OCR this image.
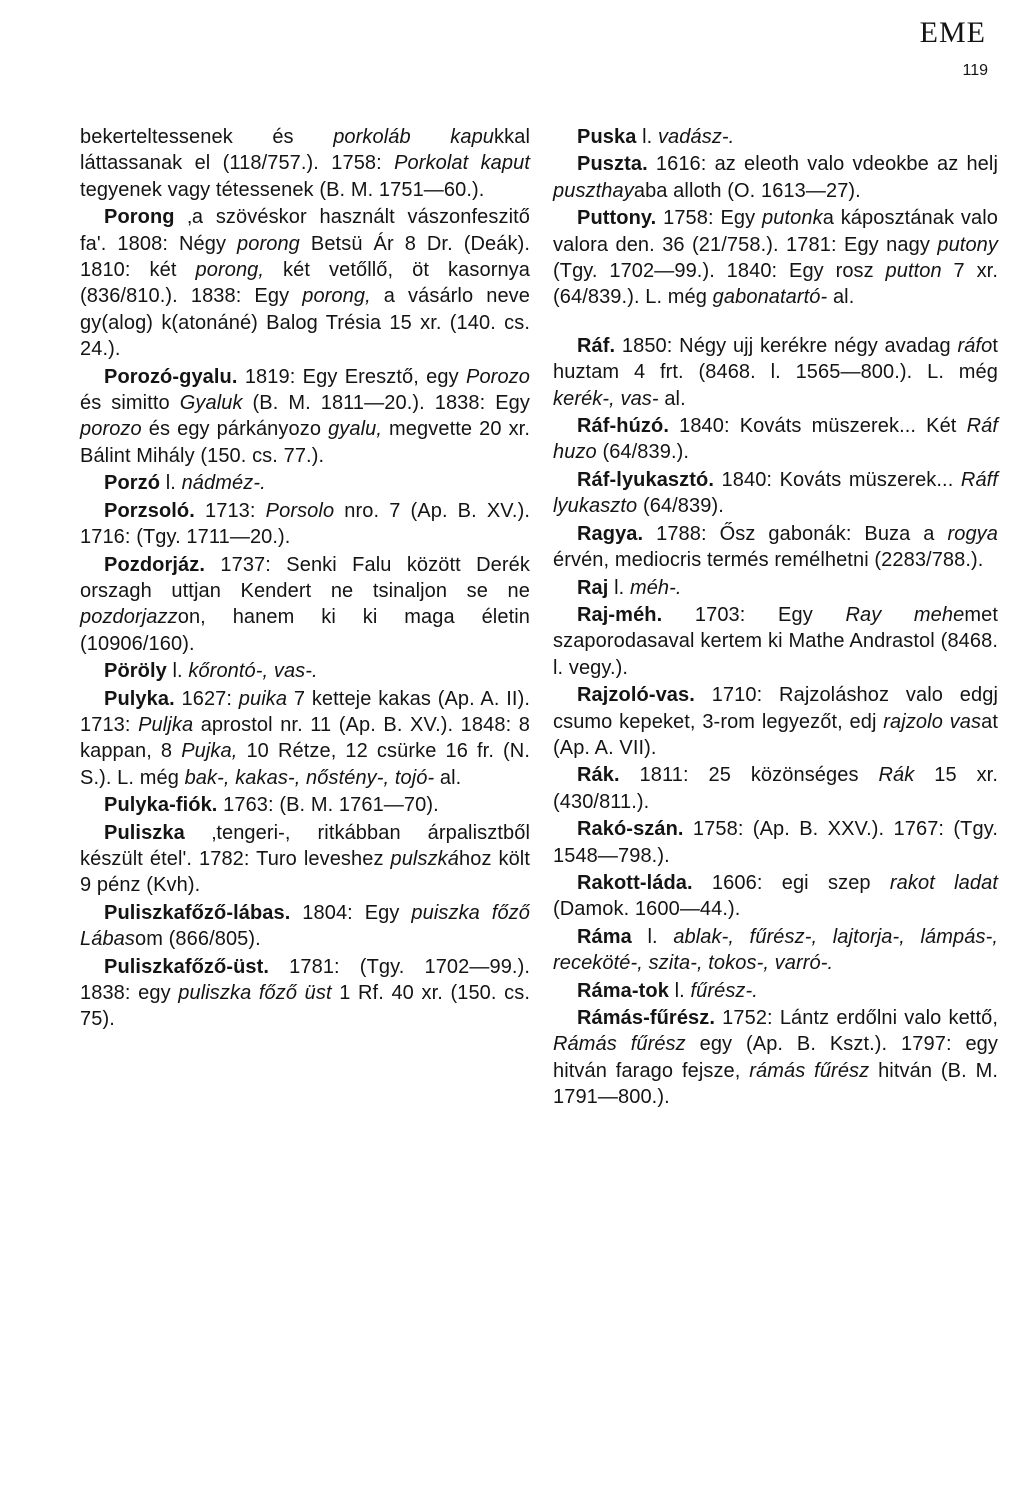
EME
119

bekerteltessenek és porkoláb kapukkal láttassanak el (118/757.). 1758: Porkolat kaput tegyenek vagy tétessenek (B. M. 1751—60.).

Porong ‚a szövéskor használt vászonfeszitő fa'. 1808: Négy porong Betsü Ár 8 Dr. (Deák). 1810: két porong, két vetőllő, öt kasornya (836/810.). 1838: Egy porong, a vásárlo neve gy(alog) k(atonáné) Balog Trésia 15 xr. (140. cs. 24.).

Porozó-gyalu. 1819: Egy Eresztő, egy Porozo és simitto Gyaluk (B. M. 1811—20.). 1838: Egy porozo és egy párkányozo gyalu, megvette 20 xr. Bálint Mihály (150. cs. 77.).

Porzó l. nádméz-.

Porzsoló. 1713: Porsolo nro. 7 (Ap. B. XV.). 1716: (Tgy. 1711—20.).

Pozdorjáz. 1737: Senki Falu között Derék orszagh uttjan Kendert ne tsinaljon se ne pozdorjazzon, hanem ki ki maga életin (10906/160).

Pöröly l. kőrontó-, vas-.

Pulyka. 1627: puika 7 kettеje kakas (Ap. A. II). 1713: Puljka aprostol nr. 11 (Ap. B. XV.). 1848: 8 kappan, 8 Pujka, 10 Rétze, 12 csürke 16 fr. (N. S.). L. még bak-, kakas-, nőstény-, tojó- al.

Pulyka-fiók. 1763: (B. M. 1761—70).

Puliszka ‚tengeri-, ritkábban árpalisztből készült étel'. 1782: Turo leveshez pulszkához költ 9 pénz (Kvh).

Puliszkafőző-lábas. 1804: Egy puiszka főző Lábasom (866/805).

Puliszkafőző-üst. 1781: (Tgy. 1702—99.). 1838: egy puliszka főző üst 1 Rf. 40 xr. (150. cs. 75).

Puska l. vadász-.

Puszta. 1616: az eleoth valo vdeokbe az helj puszthayaba alloth (O. 1613—27).

Puttony. 1758: Egy putonka káposztának valo valora den. 36 (21/758.). 1781: Egy nagy putony (Tgy. 1702—99.). 1840: Egy rosz putton 7 xr. (64/839.). L. még gabonatartó- al.

Ráf. 1850: Négy ujj kerékre négy avadag ráfot huztam 4 frt. (8468. l. 1565—800.). L. még kerék-, vas- al.

Ráf-húzó. 1840: Kováts müszerek... Két Ráf huzo (64/839.).

Ráf-lyukasztó. 1840: Kováts müszerek... Ráff lyukaszto (64/839).

Ragya. 1788: Ősz gabonák: Buza a rogya érvén, mediocris termés remélhetni (2283/788.).

Raj l. méh-.

Raj-méh. 1703: Egy Ray mehemet szaporodasaval kertem ki Mathe Andrastol (8468. l. vegy.).

Rajzoló-vas. 1710: Rajzoláshoz valo edgj csumo kepeket, 3-rom legyezőt, edj rajzolo vasat (Ap. A. VII).

Rák. 1811: 25 közönséges Rák 15 xr. (430/811.).

Rakó-szán. 1758: (Ap. B. XXV.). 1767: (Tgy. 1548—798.).

Rakott-láda. 1606: egi szep rakot ladat (Damok. 1600—44.).

Ráma l. ablak-, fűrész-, lajtorja-, lámpás-, receköté-, szita-, tokos-, varró-.

Ráma-tok l. fűrész-.

Rámás-fűrész. 1752: Lántz erdőlni valo kettő, Rámás fűrész egy (Ap. B. Kszt.). 1797: egy hitván farago fejsze, rámás fűrész hitván (B. M. 1791—800.).
